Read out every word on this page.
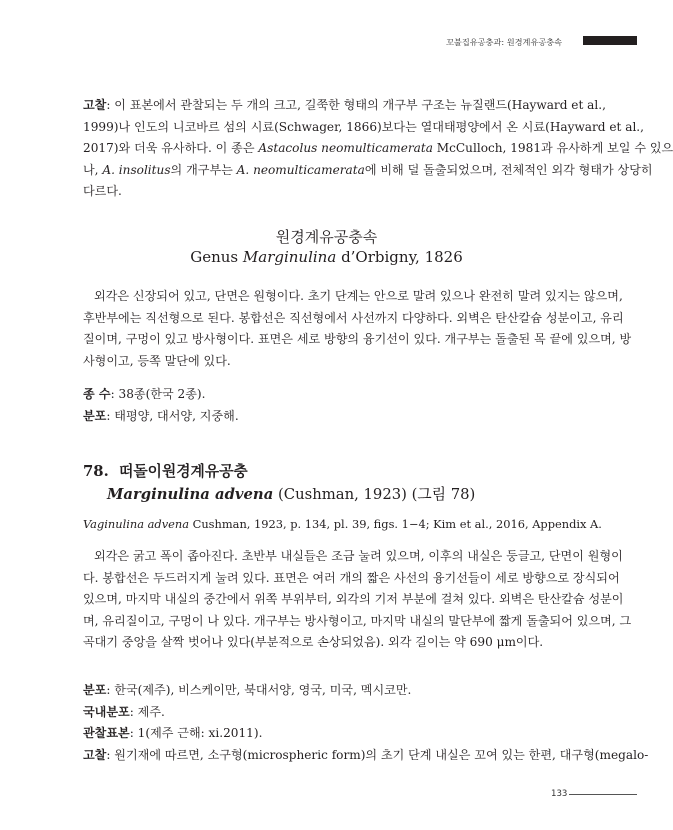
꼬불집유공충과: 원경계유공충속
고찰: 이 표본에서 관찰되는 두 개의 크고, 길쭉한 형태의 개구부 구조는 뉴질랜드(Hayward et al.,
1999)나 인도의 니코바르 섬의 시료(Schwager, 1866)보다는 열대태평양에서 온 시료(Hayward et al.,
2017)와 더욱 유사하다. 이 종은 Astacolus neomulticamerata McCulloch, 1981과 유사하게 보일 수 있으
나, A. insolitus의 개구부는 A. neomulticamerata에 비해 덜 돌출되었으며, 전체적인 외각 형태가 상당히
다르다.
원경계유공충속
Genus Marginulina d’Orbigny, 1826
외각은 신장되어 있고, 단면은 원형이다. 초기 단계는 안으로 말려 있으나 완전히 말려 있지는 않으며,
후반부에는 직선형으로 된다. 봉합선은 직선형에서 사선까지 다양하다. 외벽은 탄산칼슘 성분이고, 유리
질이며, 구멍이 있고 방사형이다. 표면은 세로 방향의 융기선이 있다. 개구부는 돌출된 목 끝에 있으며, 방
사형이고, 등쪽 말단에 있다.
종 수: 38종(한국 2종).
분포: 태평양, 대서양, 지중해.
78. 떠돌이원경계유공충
Marginulina advena (Cushman, 1923) (그림 78)
Vaginulina advena Cushman, 1923, p. 134, pl. 39, figs. 1−4; Kim et al., 2016, Appendix A.
외각은 굵고 폭이 좁아진다. 초반부 내실들은 조금 눌려 있으며, 이후의 내실은 둥글고, 단면이 원형이
다. 봉합선은 두드러지게 눌려 있다. 표면은 여러 개의 짧은 사선의 융기선들이 세로 방향으로 장식되어
있으며, 마지막 내실의 중간에서 위쪽 부위부터, 외각의 기저 부분에 걸쳐 있다. 외벽은 탄산칼슘 성분이
며, 유리질이고, 구멍이 나 있다. 개구부는 방사형이고, 마지막 내실의 말단부에 짧게 돌출되어 있으며, 그
곡대기 중앙을 살짝 벗어나 있다(부분적으로 손상되었음). 외각 길이는 약 690 μm이다.
분포: 한국(제주), 비스케이만, 북대서양, 영국, 미국, 멕시코만.
국내분포: 제주.
관찰표본: 1(제주 근해: xi.2011).
고찰: 원기재에 따르면, 소구형(microspheric form)의 초기 단계 내실은 꼬여 있는 한편, 대구형(megalo-
133
